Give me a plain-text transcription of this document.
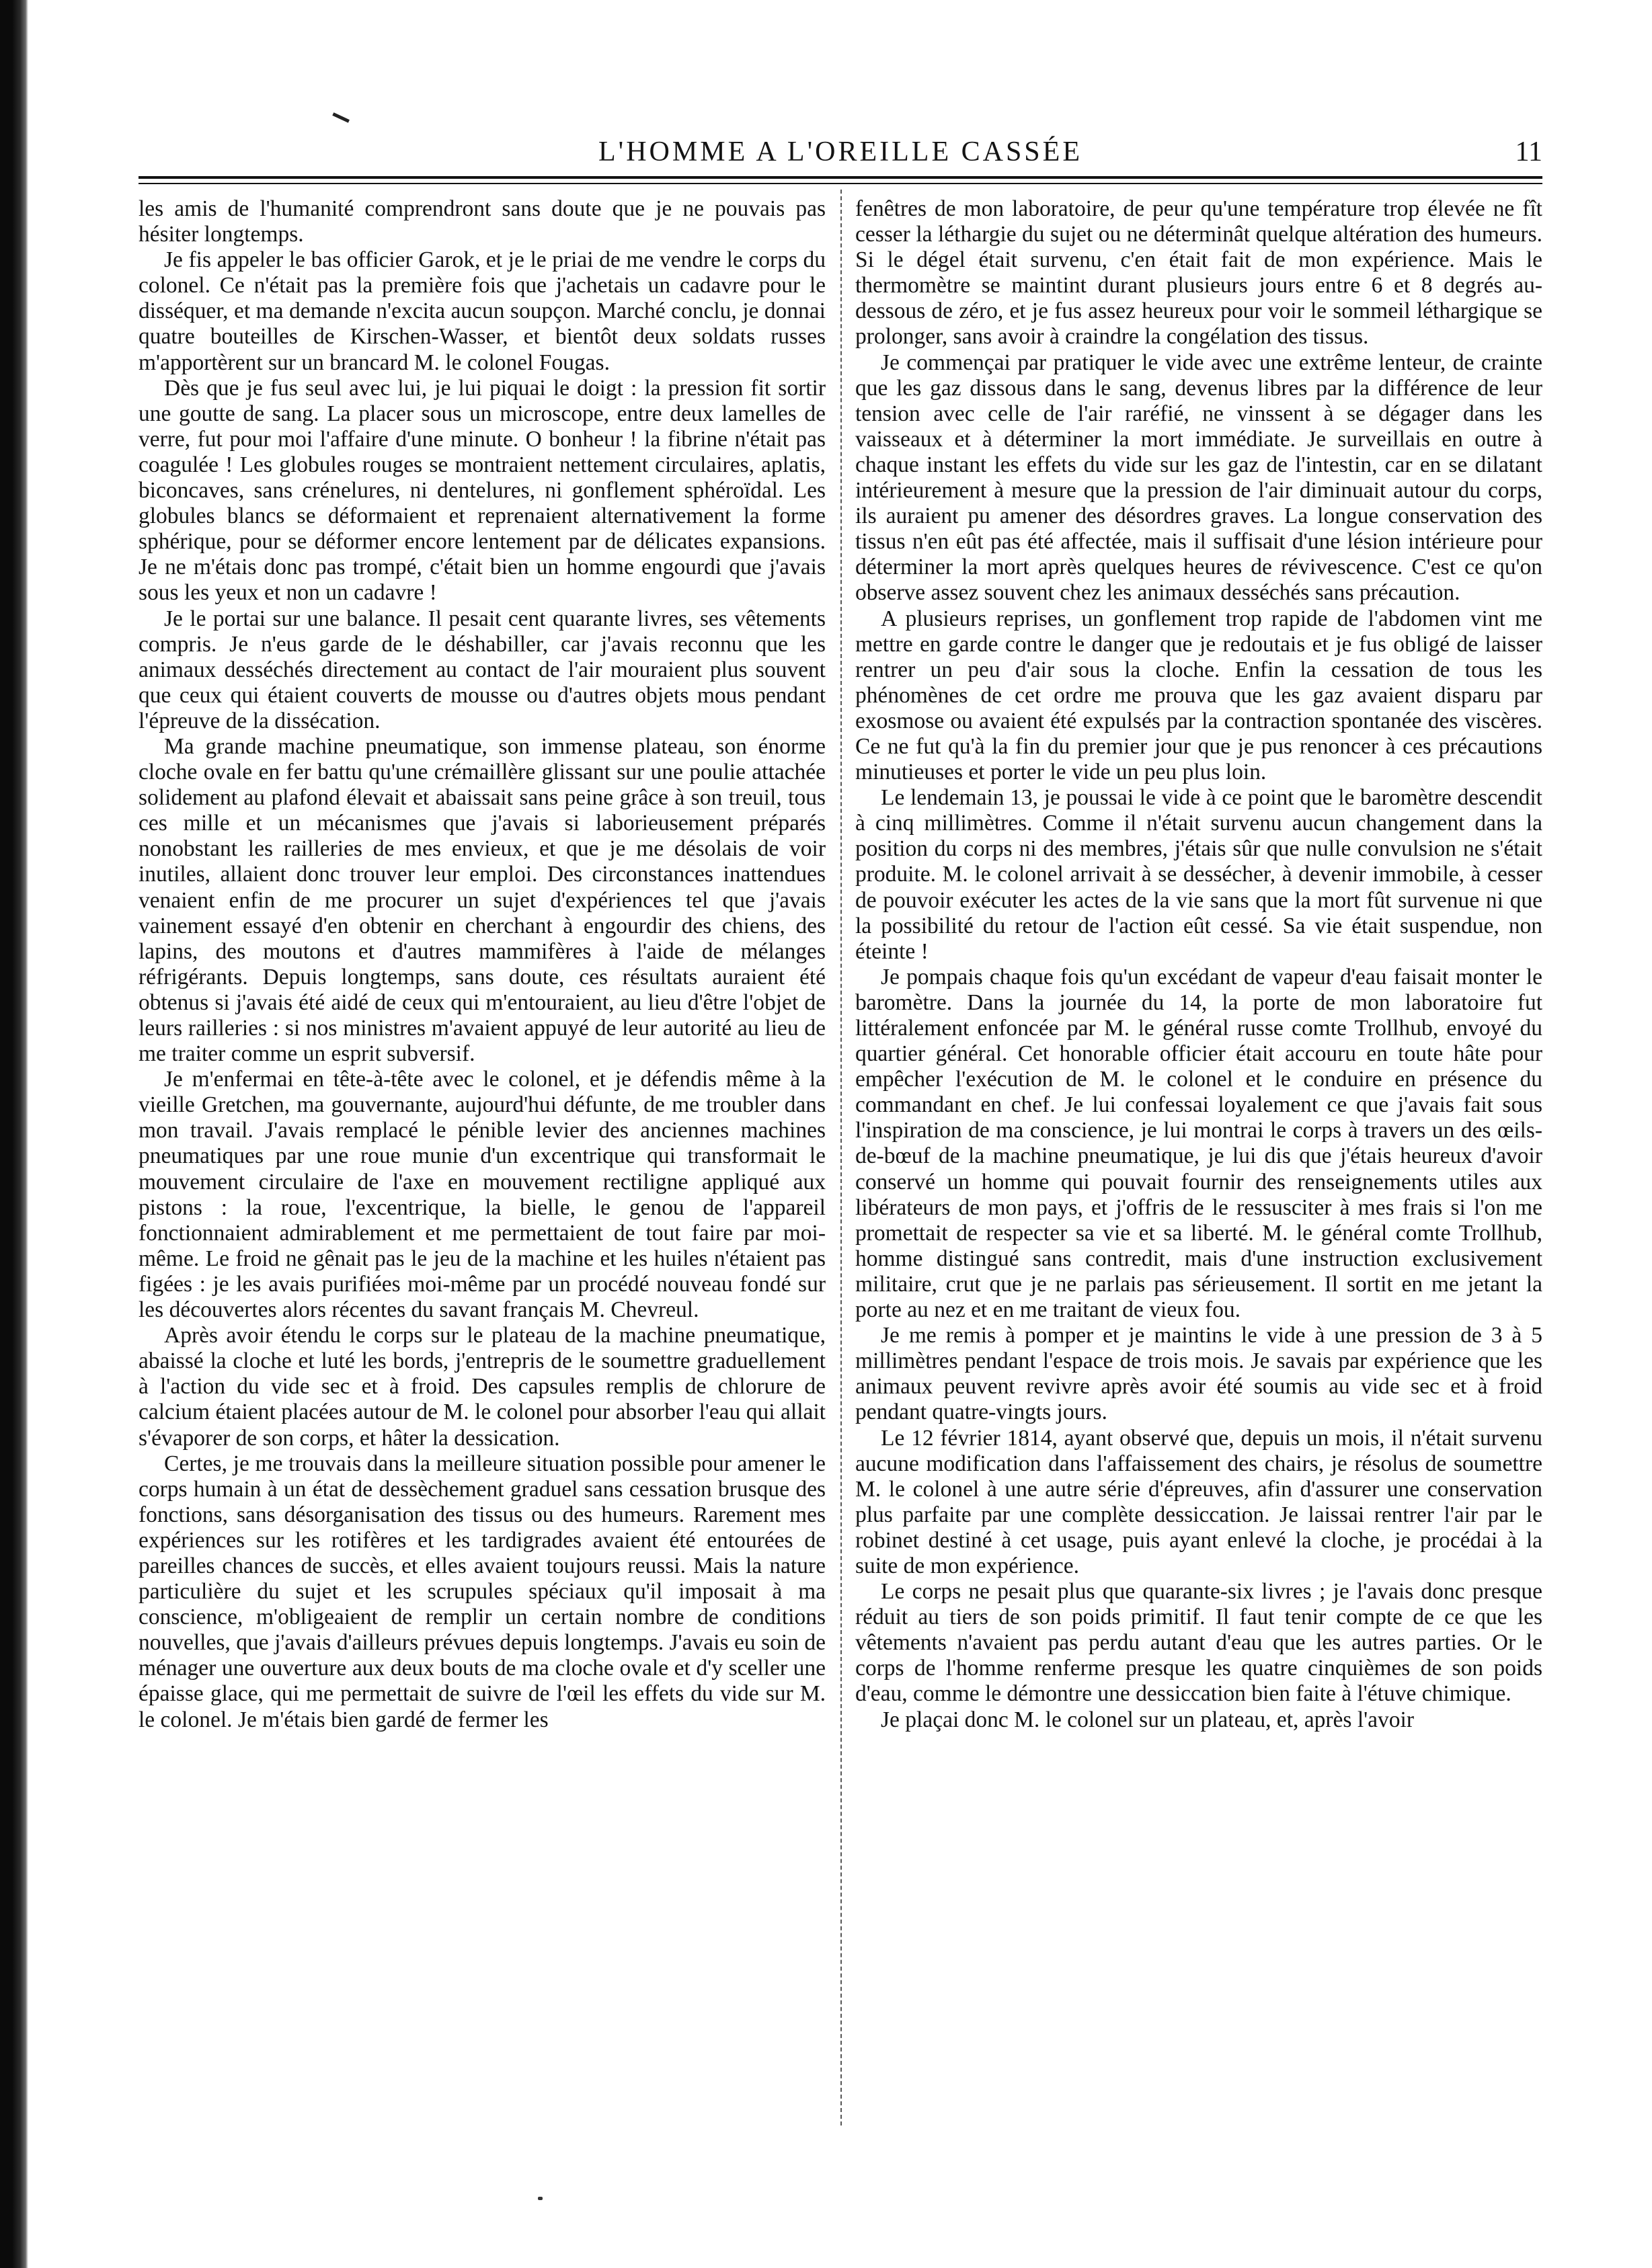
L'HOMME A L'OREILLE CASSÉE	11

les amis de l'humanité comprendront sans doute que je ne pouvais pas hésiter longtemps.

Je fis appeler le bas officier Garok, et je le priai de me vendre le corps du colonel. Ce n'était pas la première fois que j'achetais un cadavre pour le disséquer, et ma demande n'excita aucun soupçon. Marché conclu, je donnai quatre bouteilles de Kirschen-Wasser, et bientôt deux soldats russes m'apportèrent sur un brancard M. le colonel Fougas.

Dès que je fus seul avec lui, je lui piquai le doigt : la pression fit sortir une goutte de sang. La placer sous un microscope, entre deux lamelles de verre, fut pour moi l'affaire d'une minute. O bonheur ! la fibrine n'était pas coagulée ! Les globules rouges se montraient nettement circulaires, aplatis, biconcaves, sans crénelures, ni dentelures, ni gonflement sphéroïdal. Les globules blancs se déformaient et reprenaient alternativement la forme sphérique, pour se déformer encore lentement par de délicates expansions. Je ne m'étais donc pas trompé, c'était bien un homme engourdi que j'avais sous les yeux et non un cadavre !

Je le portai sur une balance. Il pesait cent quarante livres, ses vêtements compris. Je n'eus garde de le déshabiller, car j'avais reconnu que les animaux desséchés directement au contact de l'air mouraient plus souvent que ceux qui étaient couverts de mousse ou d'autres objets mous pendant l'épreuve de la dissécation.

Ma grande machine pneumatique, son immense plateau, son énorme cloche ovale en fer battu qu'une crémaillère glissant sur une poulie attachée solidement au plafond élevait et abaissait sans peine grâce à son treuil, tous ces mille et un mécanismes que j'avais si laborieusement préparés nonobstant les railleries de mes envieux, et que je me désolais de voir inutiles, allaient donc trouver leur emploi. Des circonstances inattendues venaient enfin de me procurer un sujet d'expériences tel que j'avais vainement essayé d'en obtenir en cherchant à engourdir des chiens, des lapins, des moutons et d'autres mammifères à l'aide de mélanges réfrigérants. Depuis longtemps, sans doute, ces résultats auraient été obtenus si j'avais été aidé de ceux qui m'entouraient, au lieu d'être l'objet de leurs railleries : si nos ministres m'avaient appuyé de leur autorité au lieu de me traiter comme un esprit subversif.

Je m'enfermai en tête-à-tête avec le colonel, et je défendis même à la vieille Gretchen, ma gouvernante, aujourd'hui défunte, de me troubler dans mon travail. J'avais remplacé le pénible levier des anciennes machines pneumatiques par une roue munie d'un excentrique qui transformait le mouvement circulaire de l'axe en mouvement rectiligne appliqué aux pistons : la roue, l'excentrique, la bielle, le genou de l'appareil fonctionnaient admirablement et me permettaient de tout faire par moi-même. Le froid ne gênait pas le jeu de la machine et les huiles n'étaient pas figées : je les avais purifiées moi-même par un procédé nouveau fondé sur les découvertes alors récentes du savant français M. Chevreul.

Après avoir étendu le corps sur le plateau de la machine pneumatique, abaissé la cloche et luté les bords, j'entrepris de le soumettre graduellement à l'action du vide sec et à froid. Des capsules remplis de chlorure de calcium étaient placées autour de M. le colonel pour absorber l'eau qui allait s'évaporer de son corps, et hâter la dessication.

Certes, je me trouvais dans la meilleure situation possible pour amener le corps humain à un état de dessèchement graduel sans cessation brusque des fonctions, sans désorganisation des tissus ou des humeurs. Rarement mes expériences sur les rotifères et les tardigrades avaient été entourées de pareilles chances de succès, et elles avaient toujours reussi. Mais la nature particulière du sujet et les scrupules spéciaux qu'il imposait à ma conscience, m'obligeaient de remplir un certain nombre de conditions nouvelles, que j'avais d'ailleurs prévues depuis longtemps. J'avais eu soin de ménager une ouverture aux deux bouts de ma cloche ovale et d'y sceller une épaisse glace, qui me permettait de suivre de l'œil les effets du vide sur M. le colonel. Je m'étais bien gardé de fermer les

fenêtres de mon laboratoire, de peur qu'une température trop élevée ne fît cesser la léthargie du sujet ou ne déterminât quelque altération des humeurs. Si le dégel était survenu, c'en était fait de mon expérience. Mais le thermomètre se maintint durant plusieurs jours entre 6 et 8 degrés au-dessous de zéro, et je fus assez heureux pour voir le sommeil léthargique se prolonger, sans avoir à craindre la congélation des tissus.

Je commençai par pratiquer le vide avec une extrême lenteur, de crainte que les gaz dissous dans le sang, devenus libres par la différence de leur tension avec celle de l'air raréfié, ne vinssent à se dégager dans les vaisseaux et à déterminer la mort immédiate. Je surveillais en outre à chaque instant les effets du vide sur les gaz de l'intestin, car en se dilatant intérieurement à mesure que la pression de l'air diminuait autour du corps, ils auraient pu amener des désordres graves. La longue conservation des tissus n'en eût pas été affectée, mais il suffisait d'une lésion intérieure pour déterminer la mort après quelques heures de révivescence. C'est ce qu'on observe assez souvent chez les animaux desséchés sans précaution.

A plusieurs reprises, un gonflement trop rapide de l'abdomen vint me mettre en garde contre le danger que je redoutais et je fus obligé de laisser rentrer un peu d'air sous la cloche. Enfin la cessation de tous les phénomènes de cet ordre me prouva que les gaz avaient disparu par exosmose ou avaient été expulsés par la contraction spontanée des viscères. Ce ne fut qu'à la fin du premier jour que je pus renoncer à ces précautions minutieuses et porter le vide un peu plus loin.

Le lendemain 13, je poussai le vide à ce point que le baromètre descendit à cinq millimètres. Comme il n'était survenu aucun changement dans la position du corps ni des membres, j'étais sûr que nulle convulsion ne s'était produite. M. le colonel arrivait à se dessécher, à devenir immobile, à cesser de pouvoir exécuter les actes de la vie sans que la mort fût survenue ni que la possibilité du retour de l'action eût cessé. Sa vie était suspendue, non éteinte !

Je pompais chaque fois qu'un excédant de vapeur d'eau faisait monter le baromètre. Dans la journée du 14, la porte de mon laboratoire fut littéralement enfoncée par M. le général russe comte Trollhub, envoyé du quartier général. Cet honorable officier était accouru en toute hâte pour empêcher l'exécution de M. le colonel et le conduire en présence du commandant en chef. Je lui confessai loyalement ce que j'avais fait sous l'inspiration de ma conscience, je lui montrai le corps à travers un des œils-de-bœuf de la machine pneumatique, je lui dis que j'étais heureux d'avoir conservé un homme qui pouvait fournir des renseignements utiles aux libérateurs de mon pays, et j'offris de le ressusciter à mes frais si l'on me promettait de respecter sa vie et sa liberté. M. le général comte Trollhub, homme distingué sans contredit, mais d'une instruction exclusivement militaire, crut que je ne parlais pas sérieusement. Il sortit en me jetant la porte au nez et en me traitant de vieux fou.

Je me remis à pomper et je maintins le vide à une pression de 3 à 5 millimètres pendant l'espace de trois mois. Je savais par expérience que les animaux peuvent revivre après avoir été soumis au vide sec et à froid pendant quatre-vingts jours.

Le 12 février 1814, ayant observé que, depuis un mois, il n'était survenu aucune modification dans l'affaissement des chairs, je résolus de soumettre M. le colonel à une autre série d'épreuves, afin d'assurer une conservation plus parfaite par une complète dessiccation. Je laissai rentrer l'air par le robinet destiné à cet usage, puis ayant enlevé la cloche, je procédai à la suite de mon expérience.

Le corps ne pesait plus que quarante-six livres ; je l'avais donc presque réduit au tiers de son poids primitif. Il faut tenir compte de ce que les vêtements n'avaient pas perdu autant d'eau que les autres parties. Or le corps de l'homme renferme presque les quatre cinquièmes de son poids d'eau, comme le démontre une dessiccation bien faite à l'étuve chimique.

Je plaçai donc M. le colonel sur un plateau, et, après l'avoir
